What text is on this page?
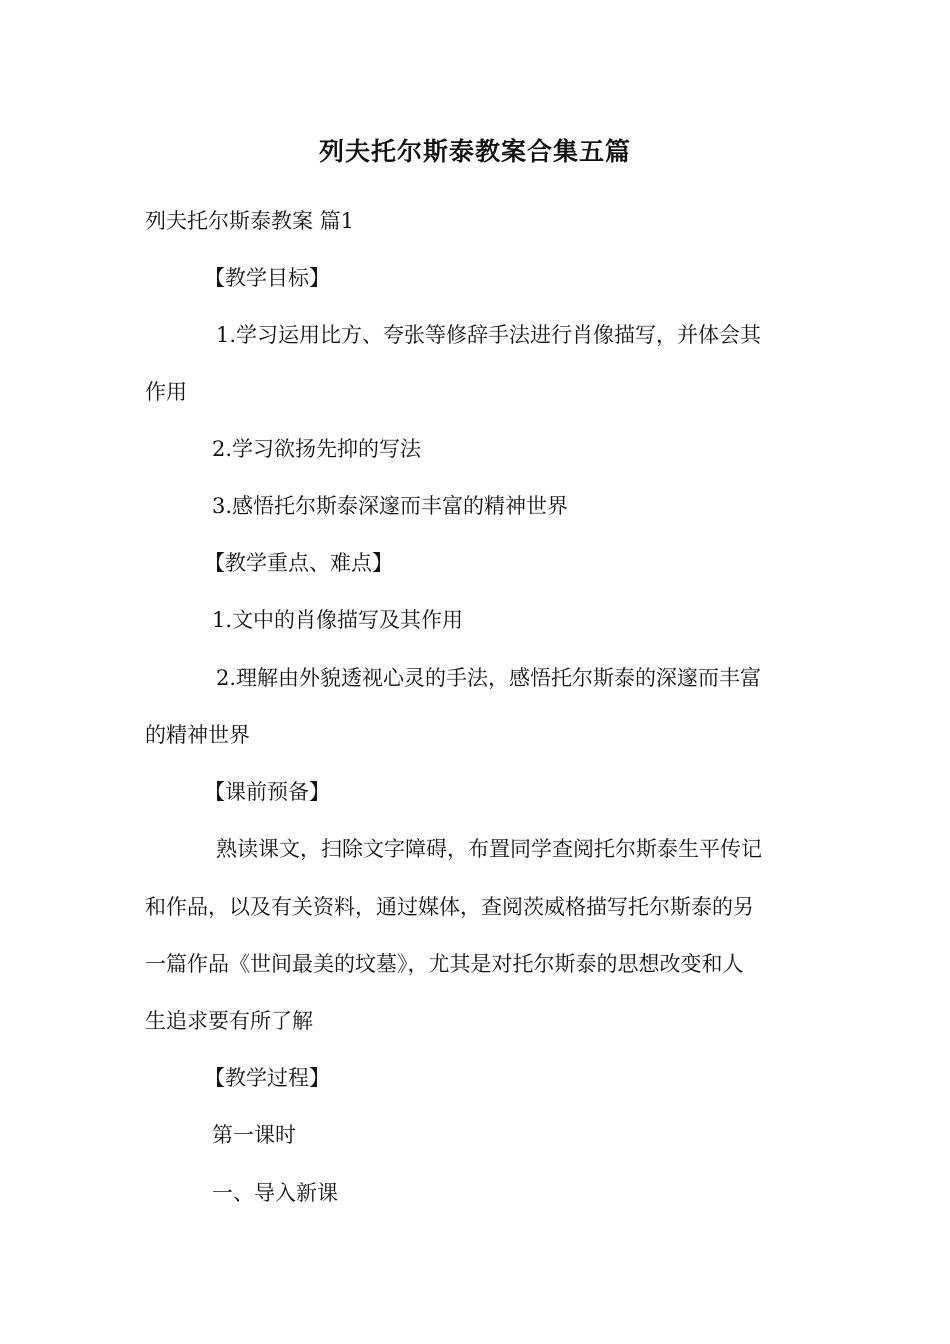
列夫托尔斯泰教案合集五篇
列夫托尔斯泰教案 篇1
【教学目标】
1.学习运用比方、夸张等修辞手法进行肖像描写，并体会其
作用
2.学习欲扬先抑的写法
3.感悟托尔斯泰深邃而丰富的精神世界
【教学重点、难点】
1.文中的肖像描写及其作用
2.理解由外貌透视心灵的手法，感悟托尔斯泰的深邃而丰富
的精神世界
【课前预备】
熟读课文，扫除文字障碍，布置同学查阅托尔斯泰生平传记
和作品，以及有关资料，通过媒体，查阅茨威格描写托尔斯泰的另
一篇作品《世间最美的坟墓》，尤其是对托尔斯泰的思想改变和人
生追求要有所了解
【教学过程】
第一课时
一、导入新课
